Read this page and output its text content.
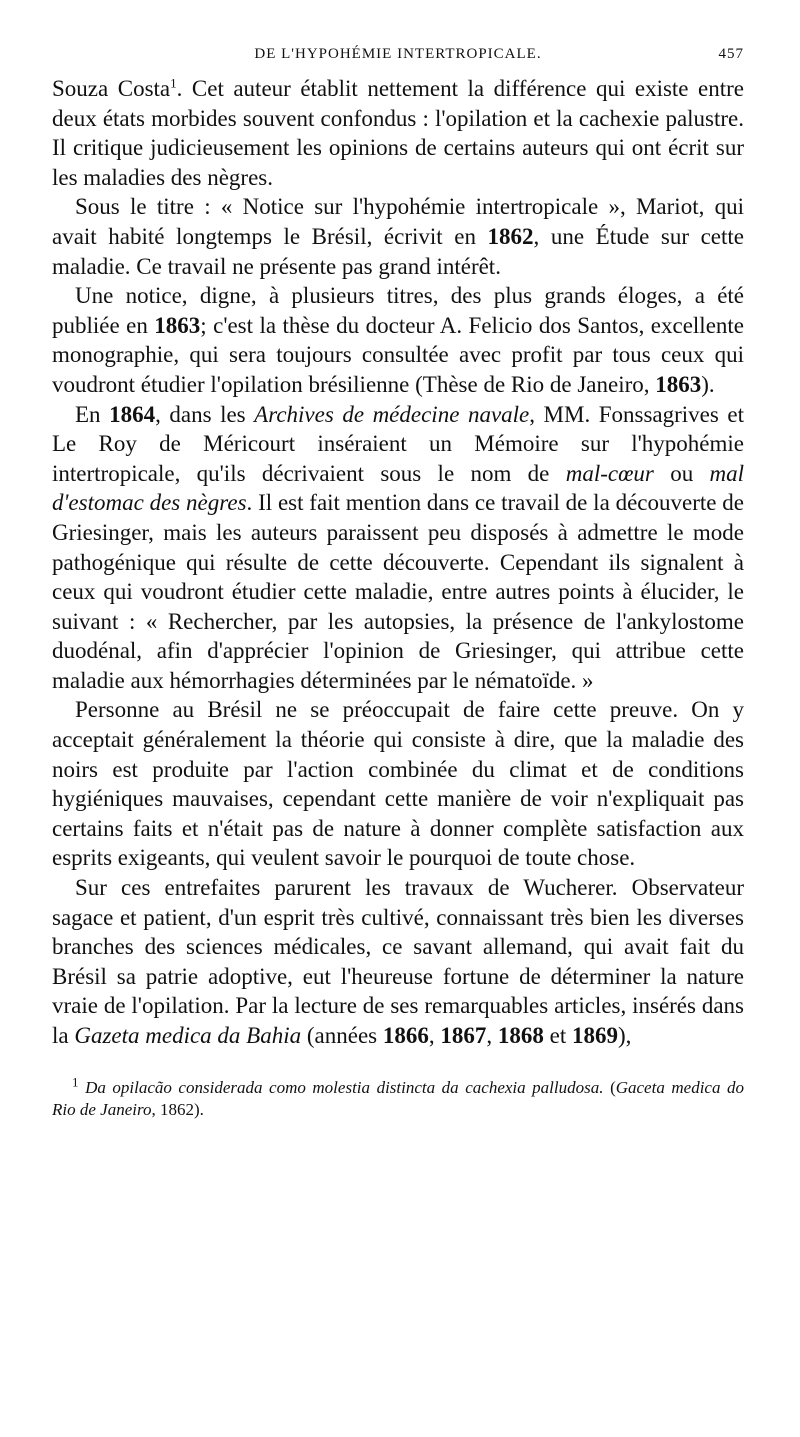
DE L'HYPOHÉMIE INTERTROPICALE.	457

Souza Costa$^1$. Cet auteur établit nettement la différence qui existe entre deux états morbides souvent confondus : l'opilation et la cachexie palustre. Il critique judicieusement les opinions de certains auteurs qui ont écrit sur les maladies des nègres.

Sous le titre : « Notice sur l'hypohémie intertropicale », Mariot, qui avait habité longtemps le Brésil, écrivit en 1862, une Étude sur cette maladie. Ce travail ne présente pas grand intérêt.

Une notice, digne, à plusieurs titres, des plus grands éloges, a été publiée en 1863; c'est la thèse du docteur A. Felicio dos Santos, excellente monographie, qui sera toujours consultée avec profit par tous ceux qui voudront étudier l'opilation brésilienne (Thèse de Rio de Janeiro, 1863).

En 1864, dans les Archives de médecine navale, MM. Fonssagrives et Le Roy de Méricourt inséraient un Mémoire sur l'hypohémie intertropicale, qu'ils décrivaient sous le nom de mal-cœur ou mal d'estomac des nègres. Il est fait mention dans ce travail de la découverte de Griesinger, mais les auteurs paraissent peu disposés à admettre le mode pathogénique qui résulte de cette découverte. Cependant ils signalent à ceux qui voudront étudier cette maladie, entre autres points à élucider, le suivant : « Rechercher, par les autopsies, la présence de l'ankylostome duodénal, afin d'apprécier l'opinion de Griesinger, qui attribue cette maladie aux hémorrhagies déterminées par le nématoïde. »

Personne au Brésil ne se préoccupait de faire cette preuve. On y acceptait généralement la théorie qui consiste à dire, que la maladie des noirs est produite par l'action combinée du climat et de conditions hygiéniques mauvaises, cependant cette manière de voir n'expliquait pas certains faits et n'était pas de nature à donner complète satisfaction aux esprits exigeants, qui veulent savoir le pourquoi de toute chose.

Sur ces entrefaites parurent les travaux de Wucherer. Observateur sagace et patient, d'un esprit très cultivé, connaissant très bien les diverses branches des sciences médicales, ce savant allemand, qui avait fait du Brésil sa patrie adoptive, eut l'heureuse fortune de déterminer la nature vraie de l'opilation. Par la lecture de ses remarquables articles, insérés dans la Gazeta medica da Bahia (années 1866, 1867, 1868 et 1869),

$^1$ Da opilacão considerada como molestia distincta da cachexia palludosa. (Gaceta medica do Rio de Janeiro, 1862).
